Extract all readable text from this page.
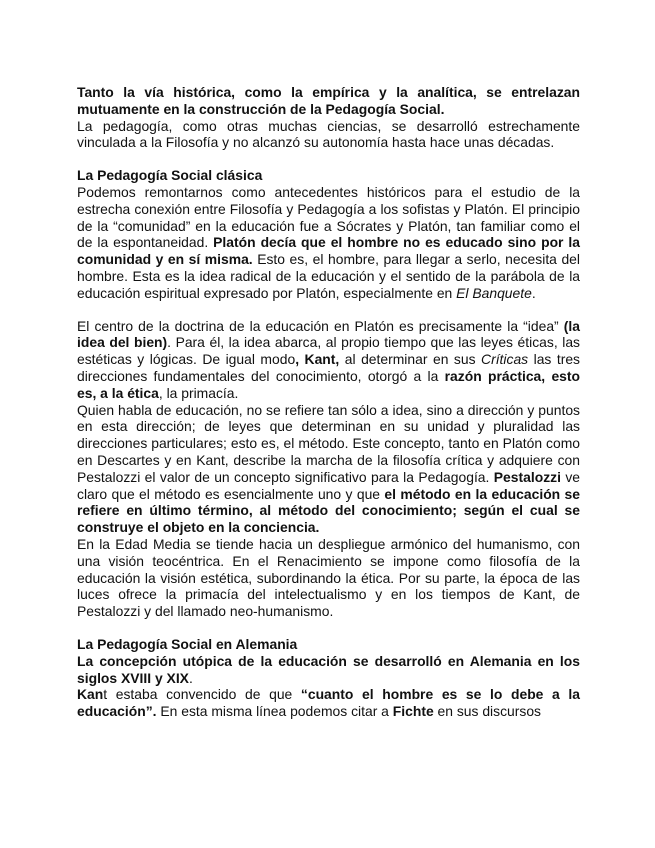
Tanto la vía histórica, como la empírica y la analítica, se entrelazan mutuamente en la construcción de la Pedagogía Social.

La pedagogía, como otras muchas ciencias, se desarrolló estrechamente vinculada a la Filosofía y no alcanzó su autonomía hasta hace unas décadas.

La Pedagogía Social clásica

Podemos remontarnos como antecedentes históricos para el estudio de la estrecha conexión entre Filosofía y Pedagogía a los sofistas y Platón. El principio de la “comunidad” en la educación fue a Sócrates y Platón, tan familiar como el de la espontaneidad. Platón decía que el hombre no es educado sino por la comunidad y en sí misma. Esto es, el hombre, para llegar a serlo, necesita del hombre. Esta es la idea radical de la educación y el sentido de la parábola de la educación espiritual expresado por Platón, especialmente en El Banquete.

El centro de la doctrina de la educación en Platón es precisamente la “idea” (la idea del bien). Para él, la idea abarca, al propio tiempo que las leyes éticas, las estéticas y lógicas. De igual modo, Kant, al determinar en sus Críticas las tres direcciones fundamentales del conocimiento, otorgó a la razón práctica, esto es, a la ética, la primacía.

Quien habla de educación, no se refiere tan sólo a idea, sino a dirección y puntos en esta dirección; de leyes que determinan en su unidad y pluralidad las direcciones particulares; esto es, el método. Este concepto, tanto en Platón como en Descartes y en Kant, describe la marcha de la filosofía crítica y adquiere con Pestalozzi el valor de un concepto significativo para la Pedagogía. Pestalozzi ve claro que el método es esencialmente uno y que el método en la educación se refiere en último término, al método del conocimiento; según el cual se construye el objeto en la conciencia.

En la Edad Media se tiende hacia un despliegue armónico del humanismo, con una visión teocéntrica. En el Renacimiento se impone como filosofía de la educación la visión estética, subordinando la ética. Por su parte, la época de las luces ofrece la primacía del intelectualismo y en los tiempos de Kant, de Pestalozzi y del llamado neo-humanismo.

La Pedagogía Social en Alemania

La concepción utópica de la educación se desarrolló en Alemania en los siglos XVIII y XIX.

Kant estaba convencido de que “cuanto el hombre es se lo debe a la educación”. En esta misma línea podemos citar a Fichte en sus discursos
